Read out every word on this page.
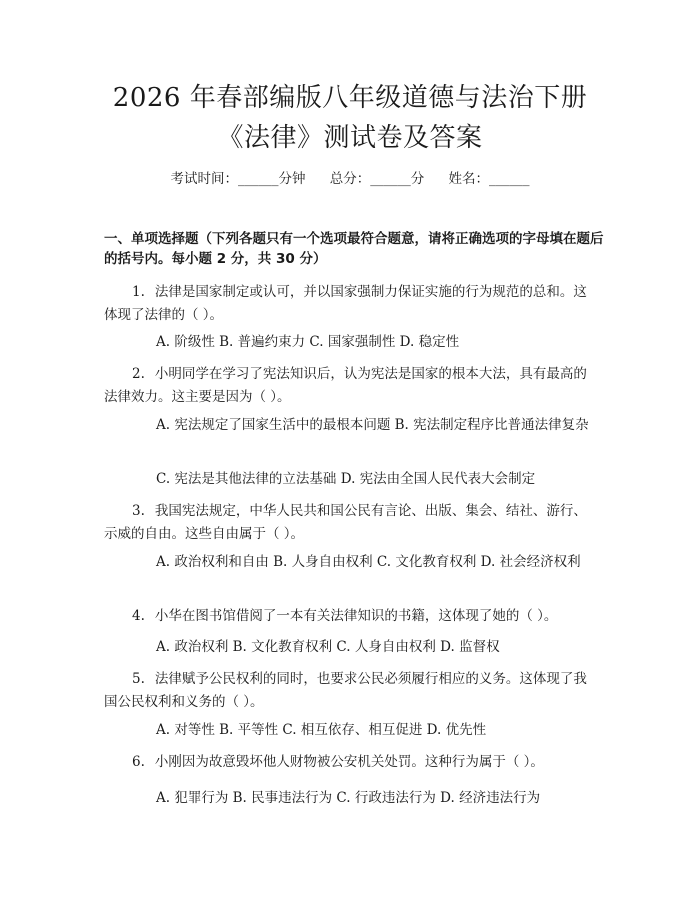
2026 年春部编版八年级道德与法治下册《法律》测试卷及答案
考试时间：______分钟 总分：______分 姓名：______
一、单项选择题（下列各题只有一个选项最符合题意，请将正确选项的字母填在题后的括号内。每小题 2 分，共 30 分）
1. 法律是国家制定或认可，并以国家强制力保证实施的行为规范的总和。这体现了法律的（ ）。
A. 阶级性 B. 普遍约束力 C. 国家强制性 D. 稳定性
2. 小明同学在学习了宪法知识后，认为宪法是国家的根本大法，具有最高的法律效力。这主要是因为（ ）。
A. 宪法规定了国家生活中的最根本问题 B. 宪法制定程序比普通法律复杂
C. 宪法是其他法律的立法基础 D. 宪法由全国人民代表大会制定
3. 我国宪法规定，中华人民共和国公民有言论、出版、集会、结社、游行、示威的自由。这些自由属于（ ）。
A. 政治权利和自由 B. 人身自由权利 C. 文化教育权利 D. 社会经济权利
4. 小华在图书馆借阅了一本有关法律知识的书籍，这体现了她的（ ）。
A. 政治权利 B. 文化教育权利 C. 人身自由权利 D. 监督权
5. 法律赋予公民权利的同时，也要求公民必须履行相应的义务。这体现了我国公民权利和义务的（ ）。
A. 对等性 B. 平等性 C. 相互依存、相互促进 D. 优先性
6. 小刚因为故意毁坏他人财物被公安机关处罚。这种行为属于（ ）。
A. 犯罪行为 B. 民事违法行为 C. 行政违法行为 D. 经济违法行为
